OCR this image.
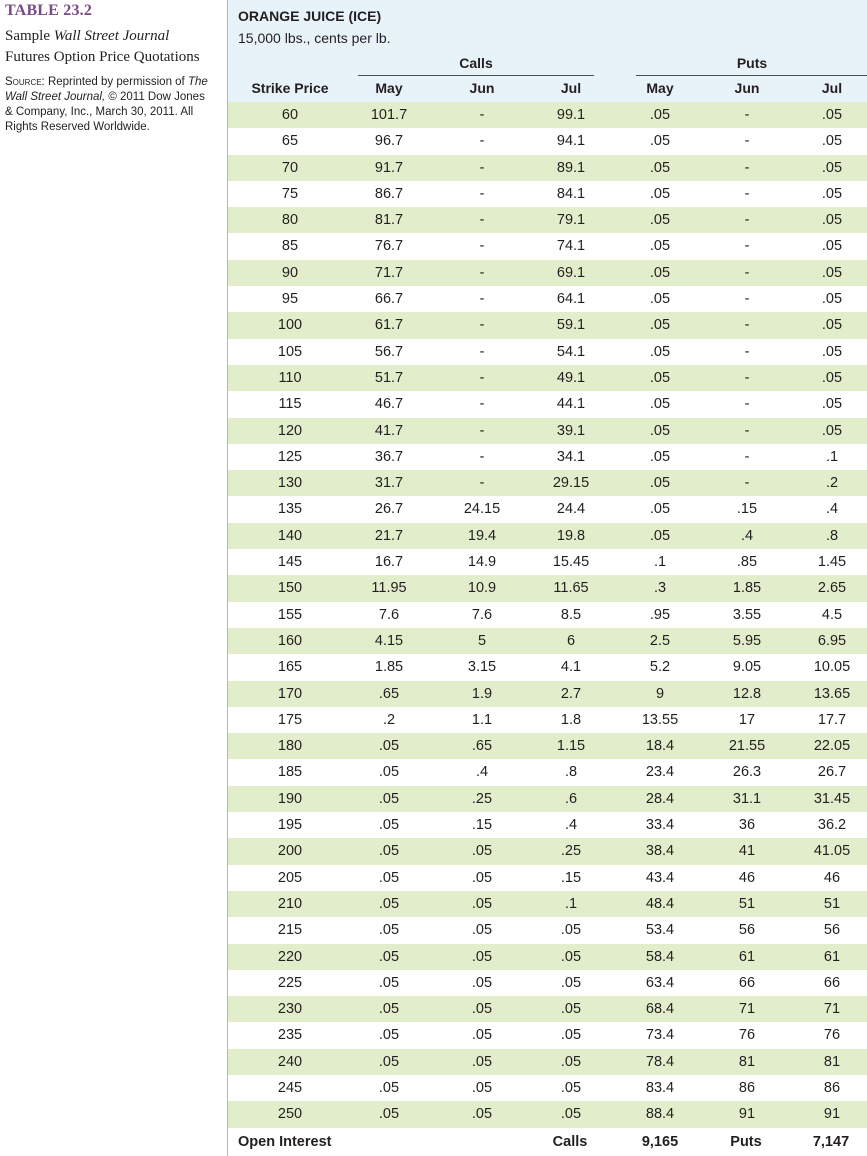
TABLE 23.2
Sample Wall Street Journal Futures Option Price Quotations
Source: Reprinted by permission of The Wall Street Journal, © 2011 Dow Jones & Company, Inc., March 30, 2011. All Rights Reserved Worldwide.
ORANGE JUICE (ICE)
15,000 lbs., cents per lb.
Calls	Puts
Strike Price	May	Jun	Jul	May	Jun	Jul
60	101.7	-	99.1	.05	-	.05
65	96.7	-	94.1	.05	-	.05
70	91.7	-	89.1	.05	-	.05
75	86.7	-	84.1	.05	-	.05
80	81.7	-	79.1	.05	-	.05
85	76.7	-	74.1	.05	-	.05
90	71.7	-	69.1	.05	-	.05
95	66.7	-	64.1	.05	-	.05
100	61.7	-	59.1	.05	-	.05
105	56.7	-	54.1	.05	-	.05
110	51.7	-	49.1	.05	-	.05
115	46.7	-	44.1	.05	-	.05
120	41.7	-	39.1	.05	-	.05
125	36.7	-	34.1	.05	-	.1
130	31.7	-	29.15	.05	-	.2
135	26.7	24.15	24.4	.05	.15	.4
140	21.7	19.4	19.8	.05	.4	.8
145	16.7	14.9	15.45	.1	.85	1.45
150	11.95	10.9	11.65	.3	1.85	2.65
155	7.6	7.6	8.5	.95	3.55	4.5
160	4.15	5	6	2.5	5.95	6.95
165	1.85	3.15	4.1	5.2	9.05	10.05
170	.65	1.9	2.7	9	12.8	13.65
175	.2	1.1	1.8	13.55	17	17.7
180	.05	.65	1.15	18.4	21.55	22.05
185	.05	.4	.8	23.4	26.3	26.7
190	.05	.25	.6	28.4	31.1	31.45
195	.05	.15	.4	33.4	36	36.2
200	.05	.05	.25	38.4	41	41.05
205	.05	.05	.15	43.4	46	46
210	.05	.05	.1	48.4	51	51
215	.05	.05	.05	53.4	56	56
220	.05	.05	.05	58.4	61	61
225	.05	.05	.05	63.4	66	66
230	.05	.05	.05	68.4	71	71
235	.05	.05	.05	73.4	76	76
240	.05	.05	.05	78.4	81	81
245	.05	.05	.05	83.4	86	86
250	.05	.05	.05	88.4	91	91
Open Interest	Calls	9,165	Puts	7,147
